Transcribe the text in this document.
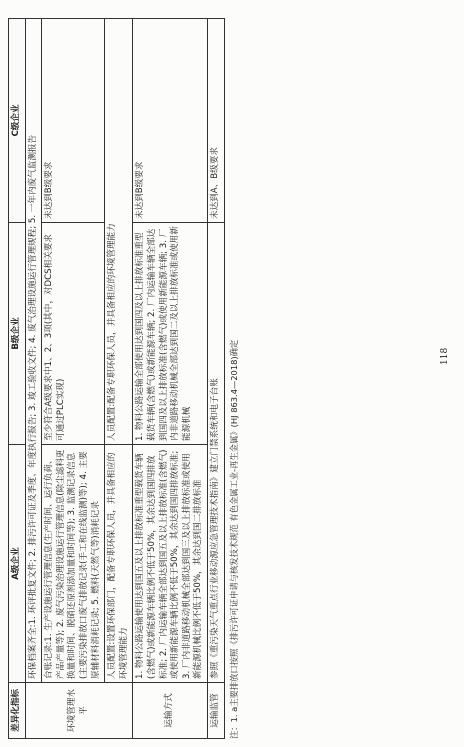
差异化指标	A级企业	B级企业	C级企业
环境管理水平	环保档案齐全:1. 环评批复文件; 2. 排污许可证及季度、年度执行报告; 3. 竣工验收文件; 4. 废气治理设施运行管理规程; 5. 一年内废气监测报告		
	台账记录:1. 生产设施运行管理信息(生产时间、运行负荷、产品产量等); 2. 废气污染治理设施运行管理信息(除尘滤料更换量和时间、脱硝还原剂添加量和时间等); 3. 监测记录信息(主要污染排放口废气排放记录(手工和在线监测)等); 4. 主要原辅材料消耗记录; 5. 燃料(天然气等)消耗记录	至少符合A级要求中1、2、3项(其中，对DCS相关要求可通过PLC实现)	未达到B级要求
	人员配置:设置环保部门，配备专职环保人员，并具备相应的环境管理能力	人员配置:配备专职环保人员，并具备相应的环境管理能力	
运输方式	1. 物料公路运输使用达到国五及以上排放标准重型载货车辆(含燃气)或新能源车辆比例不低于50%，其余达到国四排放标准; 2. 厂内运输车辆全部达到国五及以上排放标准(含燃气)或使用新能源车辆比例不低于50%，其余达到国四排放标准; 3. 厂内非道路移动机械全部达到国三及以上排放标准或使用新能源机械比例不低于50%，其余达到国二排放标准	1. 物料公路运输全部使用达到国四及以上排放标准重型载货车辆(含燃气)或新能源车辆; 2. 厂内运输车辆全部达到国四及以上排放标准(含燃气)或使用新能源车辆; 3. 厂内非道路移动机械全部达到国二及以上排放标准或使用新能源机械	未达到B级要求
运输监管	参照《重污染天气重点行业移动源应急管理技术指南》建立门禁系统和电子台账		未达到A、B级要求
注：1. a主要排放口按照《排污许可证申请与核发技术规范 有色金属工业-再生金属》(HJ 863.4—2018)确定	118
